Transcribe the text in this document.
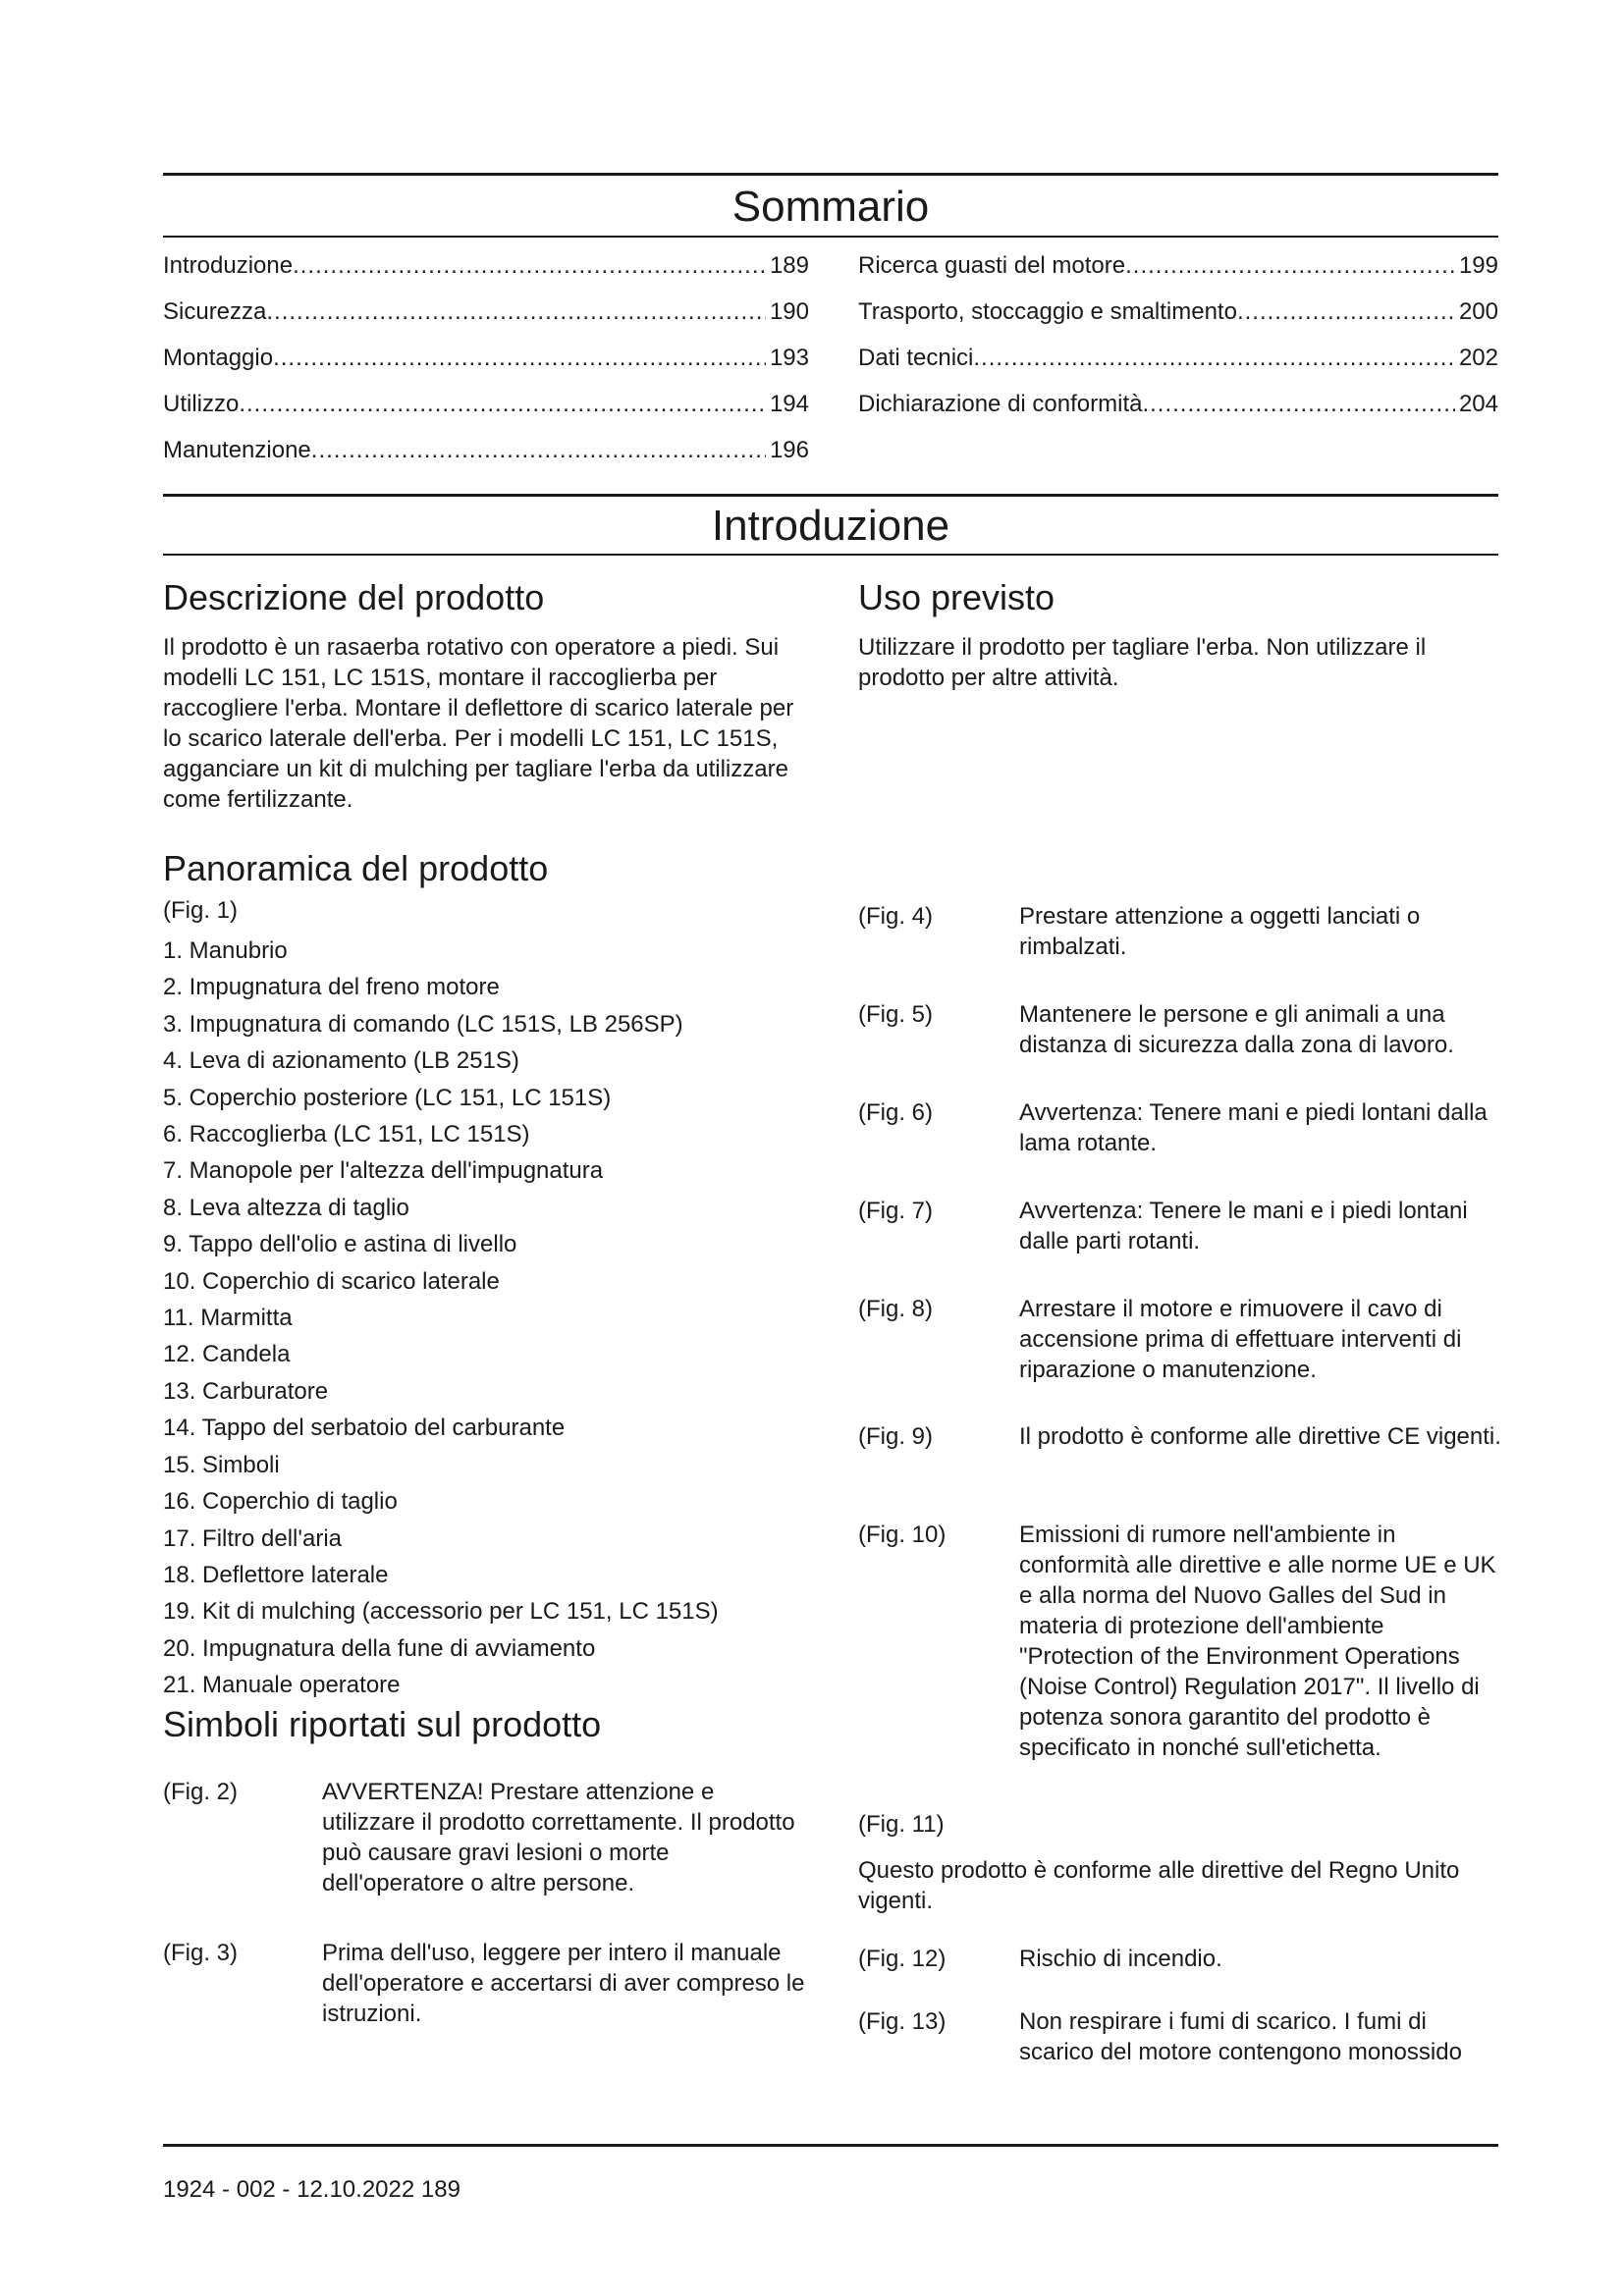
Sommario
Introduzione .....	189
Sicurezza .....	190
Montaggio .....	193
Utilizzo .....	194
Manutenzione .....	196
Ricerca guasti del motore .....	199
Trasporto, stoccaggio e smaltimento .....	200
Dati tecnici .....	202
Dichiarazione di conformità .....	204
Introduzione
Descrizione del prodotto
Il prodotto è un rasaerba rotativo con operatore a piedi. Sui modelli LC 151, LC 151S, montare il raccoglierba per raccogliere l'erba. Montare il deflettore di scarico laterale per lo scarico laterale dell'erba. Per i modelli LC 151, LC 151S, agganciare un kit di mulching per tagliare l'erba da utilizzare come fertilizzante.
Panoramica del prodotto
(Fig. 1)
1. Manubrio
2. Impugnatura del freno motore
3. Impugnatura di comando (LC 151S, LB 256SP)
4. Leva di azionamento (LB 251S)
5. Coperchio posteriore (LC 151, LC 151S)
6. Raccoglierba (LC 151, LC 151S)
7. Manopole per l'altezza dell'impugnatura
8. Leva altezza di taglio
9. Tappo dell'olio e astina di livello
10. Coperchio di scarico laterale
11. Marmitta
12. Candela
13. Carburatore
14. Tappo del serbatoio del carburante
15. Simboli
16. Coperchio di taglio
17. Filtro dell'aria
18. Deflettore laterale
19. Kit di mulching (accessorio per LC 151, LC 151S)
20. Impugnatura della fune di avviamento
21. Manuale operatore
Simboli riportati sul prodotto
(Fig. 2)	AVVERTENZA! Prestare attenzione e utilizzare il prodotto correttamente. Il prodotto può causare gravi lesioni o morte dell'operatore o altre persone.
(Fig. 3)	Prima dell'uso, leggere per intero il manuale dell'operatore e accertarsi di aver compreso le istruzioni.
Uso previsto
Utilizzare il prodotto per tagliare l'erba. Non utilizzare il prodotto per altre attività.
(Fig. 4)	Prestare attenzione a oggetti lanciati o rimbalzati.
(Fig. 5)	Mantenere le persone e gli animali a una distanza di sicurezza dalla zona di lavoro.
(Fig. 6)	Avvertenza: Tenere mani e piedi lontani dalla lama rotante.
(Fig. 7)	Avvertenza: Tenere le mani e i piedi lontani dalle parti rotanti.
(Fig. 8)	Arrestare il motore e rimuovere il cavo di accensione prima di effettuare interventi di riparazione o manutenzione.
(Fig. 9)	Il prodotto è conforme alle direttive CE vigenti.
(Fig. 10)	Emissioni di rumore nell'ambiente in conformità alle direttive e alle norme UE e UK e alla norma del Nuovo Galles del Sud in materia di protezione dell'ambiente "Protection of the Environment Operations (Noise Control) Regulation 2017". Il livello di potenza sonora garantito del prodotto è specificato in nonché sull'etichetta.
(Fig. 11)
Questo prodotto è conforme alle direttive del Regno Unito vigenti.
(Fig. 12)	Rischio di incendio.
(Fig. 13)	Non respirare i fumi di scarico. I fumi di scarico del motore contengono monossido
1924 - 002 - 12.10.2022 189
